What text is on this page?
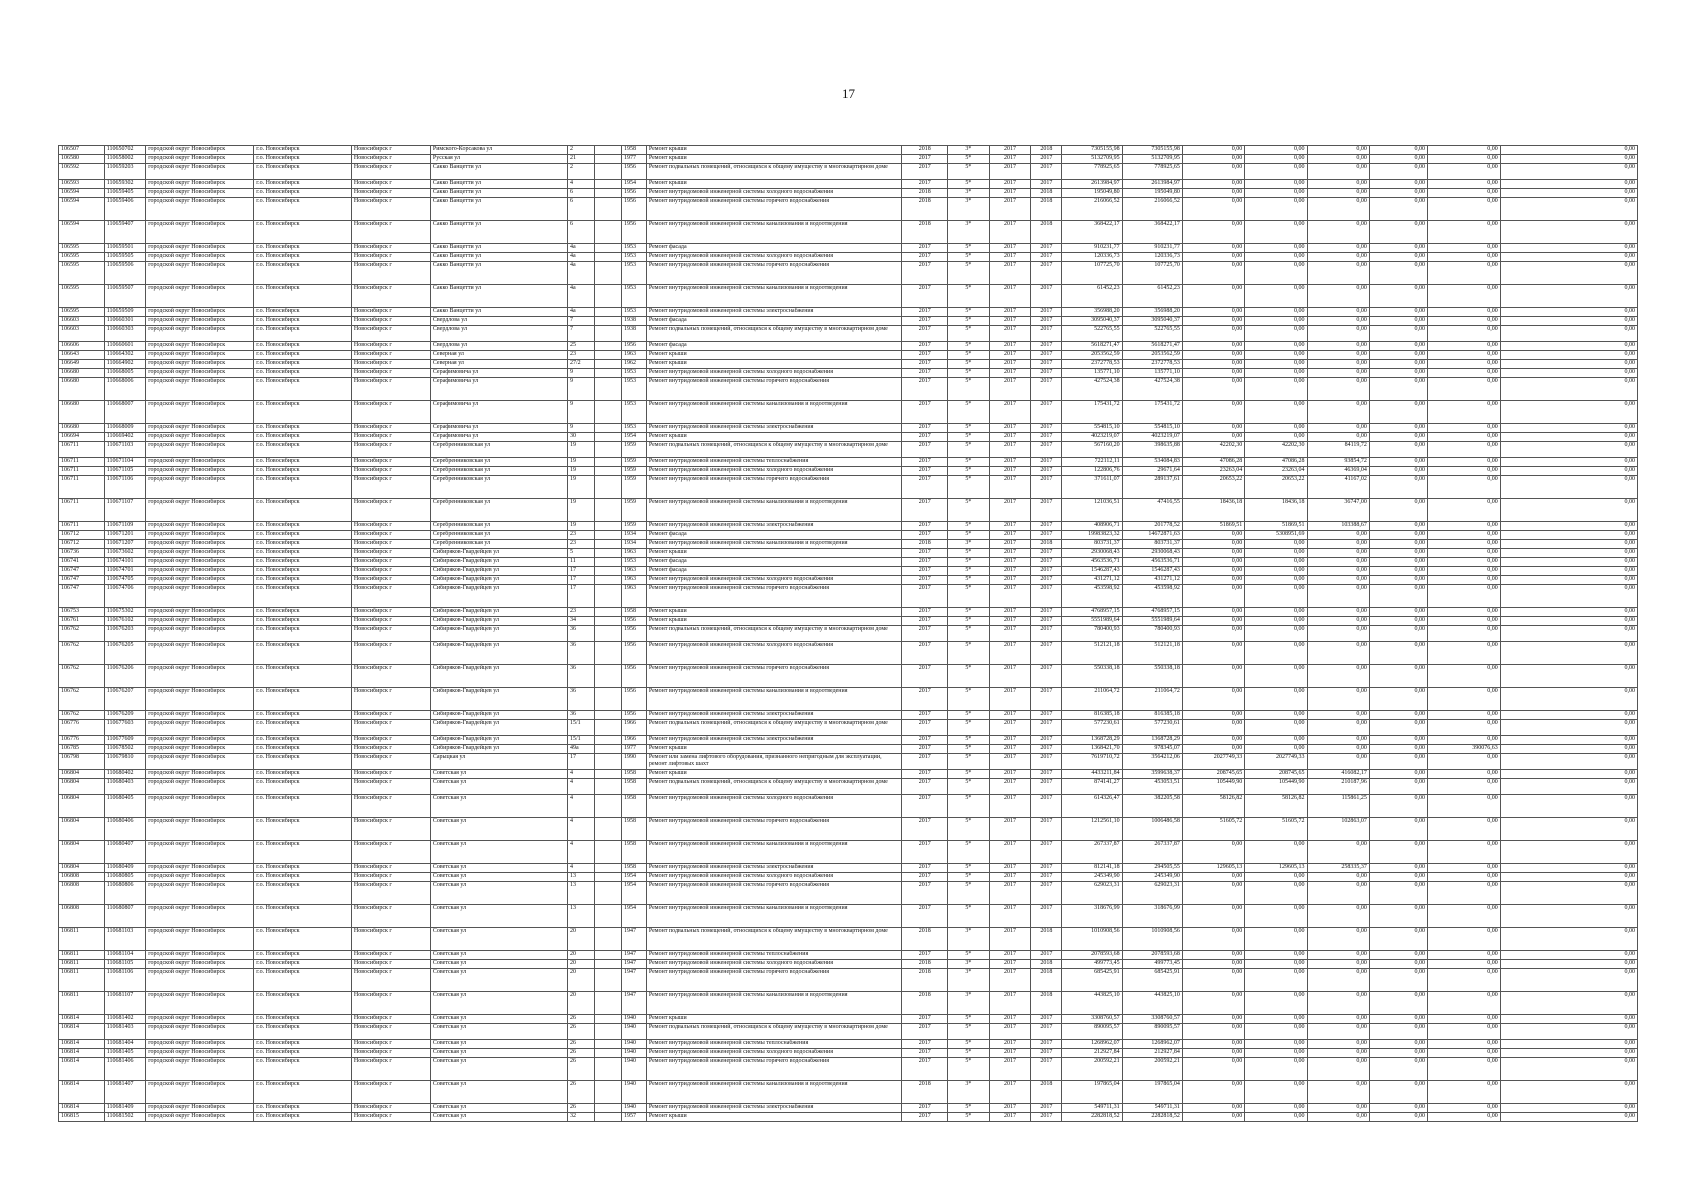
17
106507	110650702	городской округ Новосибирск	г.о. Новосибирск	Новосибирск г	Римского-Корсакова ул	2		1958	Ремонт крыши	2018	3*	2017	2018	7305155,98	7305155,98	0,00	0,00	0,00	0,00	0,00	0,00
106580	110658002	городской округ Новосибирск	г.о. Новосибирск	Новосибирск г	Русская ул	21		1977	Ремонт крыши	2017	5*	2017	2017	5132709,95	5132709,95	0,00	0,00	0,00	0,00	0,00	0,00
106592	110659203	городской округ Новосибирск	г.о. Новосибирск	Новосибирск г	Сакко Ванцетти ул	2		1956	Ремонт подвальных помещений, относящихся к общему имуществу в многоквартирном доме	2017	5*	2017	2017	778925,65	778925,65	0,00	0,00	0,00	0,00	0,00	0,00
106593	110659302	городской округ Новосибирск	г.о. Новосибирск	Новосибирск г	Сакко Ванцетти ул	4		1954	Ремонт крыши	2017	5*	2017	2017	2613984,97	2613984,97	0,00	0,00	0,00	0,00	0,00	0,00
106594	110659405	городской округ Новосибирск	г.о. Новосибирск	Новосибирск г	Сакко Ванцетти ул	6		1956	Ремонт внутридомовой инженерной системы холодного водоснабжения	2018	3*	2017	2018	195049,80	195049,80	0,00	0,00	0,00	0,00	0,00	0,00
106594	110659406	городской округ Новосибирск	г.о. Новосибирск	Новосибирск г	Сакко Ванцетти ул	6		1956	Ремонт внутридомовой инженерной системы горячего водоснабжения	2018	3*	2017	2018	216066,52	216066,52	0,00	0,00	0,00	0,00	0,00	0,00
106594	110659407	городской округ Новосибирск	г.о. Новосибирск	Новосибирск г	Сакко Ванцетти ул	6		1956	Ремонт внутридомовой инженерной системы канализования и водоотведения	2018	3*	2017	2018	368422,17	368422,17	0,00	0,00	0,00	0,00	0,00	0,00
106595	110659501	городской округ Новосибирск	г.о. Новосибирск	Новосибирск г	Сакко Ванцетти ул	4а		1953	Ремонт фасада	2017	5*	2017	2017	910231,77	910231,77	0,00	0,00	0,00	0,00	0,00	0,00
106595	110659505	городской округ Новосибирск	г.о. Новосибирск	Новосибирск г	Сакко Ванцетти ул	4а		1953	Ремонт внутридомовой инженерной системы холодного водоснабжения	2017	5*	2017	2017	120336,73	120336,73	0,00	0,00	0,00	0,00	0,00	0,00
106595	110659506	городской округ Новосибирск	г.о. Новосибирск	Новосибирск г	Сакко Ванцетти ул	4а		1953	Ремонт внутридомовой инженерной системы горячего водоснабжения	2017	5*	2017	2017	107725,70	107725,70	0,00	0,00	0,00	0,00	0,00	0,00
106595	110659507	городской округ Новосибирск	г.о. Новосибирск	Новосибирск г	Сакко Ванцетти ул	4а		1953	Ремонт внутридомовой инженерной системы канализования и водоотведения	2017	5*	2017	2017	61452,23	61452,23	0,00	0,00	0,00	0,00	0,00	0,00
106595	110659509	городской округ Новосибирск	г.о. Новосибирск	Новосибирск г	Сакко Ванцетти ул	4а		1953	Ремонт внутридомовой инженерной системы электроснабжения	2017	5*	2017	2017	356988,20	356988,20	0,00	0,00	0,00	0,00	0,00	0,00
106603	110660301	городской округ Новосибирск	г.о. Новосибирск	Новосибирск г	Свердлова ул	7		1938	Ремонт фасада	2017	5*	2017	2017	3095040,37	3095040,37	0,00	0,00	0,00	0,00	0,00	0,00
106603	110660303	городской округ Новосибирск	г.о. Новосибирск	Новосибирск г	Свердлова ул	7		1938	Ремонт подвальных помещений, относящихся к общему имуществу в многоквартирном доме	2017	5*	2017	2017	522765,55	522765,55	0,00	0,00	0,00	0,00	0,00	0,00
106606	110660601	городской округ Новосибирск	г.о. Новосибирск	Новосибирск г	Свердлова ул	25		1956	Ремонт фасада	2017	5*	2017	2017	5618271,47	5618271,47	0,00	0,00	0,00	0,00	0,00	0,00
106643	110664302	городской округ Новосибирск	г.о. Новосибирск	Новосибирск г	Северная ул	23		1963	Ремонт крыши	2017	5*	2017	2017	2053562,59	2053562,59	0,00	0,00	0,00	0,00	0,00	0,00
106649	110664902	городской округ Новосибирск	г.о. Новосибирск	Новосибирск г	Северная ул	27/2		1962	Ремонт крыши	2017	5*	2017	2017	2372778,53	2372778,53	0,00	0,00	0,00	0,00	0,00	0,00
106680	110668005	городской округ Новосибирск	г.о. Новосибирск	Новосибирск г	Серафимовича ул	9		1953	Ремонт внутридомовой инженерной системы холодного водоснабжения	2017	5*	2017	2017	135771,10	135771,10	0,00	0,00	0,00	0,00	0,00	0,00
106680	110668006	городской округ Новосибирск	г.о. Новосибирск	Новосибирск г	Серафимовича ул	9		1953	Ремонт внутридомовой инженерной системы горячего водоснабжения	2017	5*	2017	2017	427524,38	427524,38	0,00	0,00	0,00	0,00	0,00	0,00
106680	110668007	городской округ Новосибирск	г.о. Новосибирск	Новосибирск г	Серафимовича ул	9		1953	Ремонт внутридомовой инженерной системы канализования и водоотведения	2017	5*	2017	2017	175431,72	175431,72	0,00	0,00	0,00	0,00	0,00	0,00
106680	110668009	городской округ Новосибирск	г.о. Новосибирск	Новосибирск г	Серафимовича ул	9		1953	Ремонт внутридомовой инженерной системы электроснабжения	2017	5*	2017	2017	554815,10	554815,10	0,00	0,00	0,00	0,00	0,00	0,00
106694	110669402	городской округ Новосибирск	г.о. Новосибирск	Новосибирск г	Серафимовича ул	30		1954	Ремонт крыши	2017	5*	2017	2017	4023219,07	4023219,07	0,00	0,00	0,00	0,00	0,00	0,00
106711	110671103	городской округ Новосибирск	г.о. Новосибирск	Новосибирск г	Серебренниковская ул	19		1959	Ремонт подвальных помещений, относящихся к общему имуществу в многоквартирном доме	2017	5*	2017	2017	567160,20	398635,88	42202,30	42202,30	84119,72	0,00	0,00	0,00
106711	110671104	городской округ Новосибирск	г.о. Новосибирск	Новосибирск г	Серебренниковская ул	19		1959	Ремонт внутридомовой инженерной системы теплоснабжения	2017	5*	2017	2017	722112,11	534084,83	47086,28	47086,28	93854,72	0,00	0,00	0,00
106711	110671105	городской округ Новосибирск	г.о. Новосибирск	Новосибирск г	Серебренниковская ул	19		1959	Ремонт внутридомовой инженерной системы холодного водоснабжения	2017	5*	2017	2017	122806,76	29671,64	23263,04	23263,04	46369,04	0,00	0,00	0,00
106711	110671106	городской округ Новосибирск	г.о. Новосибирск	Новосибирск г	Серебренниковская ул	19		1959	Ремонт внутридомовой инженерной системы горячего водоснабжения	2017	5*	2017	2017	371611,07	289137,61	20653,22	20653,22	41167,02	0,00	0,00	0,00
106711	110671107	городской округ Новосибирск	г.о. Новосибирск	Новосибирск г	Серебренниковская ул	19		1959	Ремонт внутридомовой инженерной системы канализования и водоотведения	2017	5*	2017	2017	121036,51	47416,55	18436,18	18436,18	36747,00	0,00	0,00	0,00
106711	110671109	городской округ Новосибирск	г.о. Новосибирск	Новосибирск г	Серебренниковская ул	19		1959	Ремонт внутридомовой инженерной системы электроснабжения	2017	5*	2017	2017	408906,71	201778,52	51869,51	51869,51	103388,67	0,00	0,00	0,00
106712	110671201	городской округ Новосибирск	г.о. Новосибирск	Новосибирск г	Серебренниковская ул	23		1934	Ремонт фасада	2017	5*	2017	2017	19983823,32	14672871,63	0,00	5308951,69	0,00	0,00	0,00	0,00
106712	110671207	городской округ Новосибирск	г.о. Новосибирск	Новосибирск г	Серебренниковская ул	23		1934	Ремонт внутридомовой инженерной системы канализования и водоотведения	2018	3*	2017	2018	803731,37	803731,37	0,00	0,00	0,00	0,00	0,00	0,00
106736	110673602	городской округ Новосибирск	г.о. Новосибирск	Новосибирск г	Сибиряков-Гвардейцев ул	5		1963	Ремонт крыши	2017	5*	2017	2017	2930068,43	2930068,43	0,00	0,00	0,00	0,00	0,00	0,00
106741	110674101	городской округ Новосибирск	г.о. Новосибирск	Новосибирск г	Сибиряков-Гвардейцев ул	11		1953	Ремонт фасада	2017	5*	2017	2017	4563536,71	4563536,71	0,00	0,00	0,00	0,00	0,00	0,00
106747	110674701	городской округ Новосибирск	г.о. Новосибирск	Новосибирск г	Сибиряков-Гвардейцев ул	17		1963	Ремонт фасада	2017	5*	2017	2017	1546287,43	1546287,43	0,00	0,00	0,00	0,00	0,00	0,00
106747	110674705	городской округ Новосибирск	г.о. Новосибирск	Новосибирск г	Сибиряков-Гвардейцев ул	17		1963	Ремонт внутридомовой инженерной системы холодного водоснабжения	2017	5*	2017	2017	431271,12	431271,12	0,00	0,00	0,00	0,00	0,00	0,00
106747	110674706	городской округ Новосибирск	г.о. Новосибирск	Новосибирск г	Сибиряков-Гвардейцев ул	17		1963	Ремонт внутридомовой инженерной системы горячего водоснабжения	2017	5*	2017	2017	453598,92	453598,92	0,00	0,00	0,00	0,00	0,00	0,00
106753	110675302	городской округ Новосибирск	г.о. Новосибирск	Новосибирск г	Сибиряков-Гвардейцев ул	23		1958	Ремонт крыши	2017	5*	2017	2017	4768957,15	4768957,15	0,00	0,00	0,00	0,00	0,00	0,00
106761	110676102	городской округ Новосибирск	г.о. Новосибирск	Новосибирск г	Сибиряков-Гвардейцев ул	34		1956	Ремонт крыши	2017	5*	2017	2017	5551989,64	5551989,64	0,00	0,00	0,00	0,00	0,00	0,00
106762	110676203	городской округ Новосибирск	г.о. Новосибирск	Новосибирск г	Сибиряков-Гвардейцев ул	36		1956	Ремонт подвальных помещений, относящихся к общему имуществу в многоквартирном доме	2017	5*	2017	2017	780400,93	780400,93	0,00	0,00	0,00	0,00	0,00	0,00
106762	110676205	городской округ Новосибирск	г.о. Новосибирск	Новосибирск г	Сибиряков-Гвардейцев ул	36		1956	Ремонт внутридомовой инженерной системы холодного водоснабжения	2017	5*	2017	2017	512121,18	512121,18	0,00	0,00	0,00	0,00	0,00	0,00
106762	110676206	городской округ Новосибирск	г.о. Новосибирск	Новосибирск г	Сибиряков-Гвардейцев ул	36		1956	Ремонт внутридомовой инженерной системы горячего водоснабжения	2017	5*	2017	2017	550338,18	550338,18	0,00	0,00	0,00	0,00	0,00	0,00
106762	110676207	городской округ Новосибирск	г.о. Новосибирск	Новосибирск г	Сибиряков-Гвардейцев ул	36		1956	Ремонт внутридомовой инженерной системы канализования и водоотведения	2017	5*	2017	2017	211064,72	211064,72	0,00	0,00	0,00	0,00	0,00	0,00
106762	110676209	городской округ Новосибирск	г.о. Новосибирск	Новосибирск г	Сибиряков-Гвардейцев ул	36		1956	Ремонт внутридомовой инженерной системы электроснабжения	2017	5*	2017	2017	816385,18	816385,18	0,00	0,00	0,00	0,00	0,00	0,00
106776	110677603	городской округ Новосибирск	г.о. Новосибирск	Новосибирск г	Сибиряков-Гвардейцев ул	15/1		1966	Ремонт подвальных помещений, относящихся к общему имуществу в многоквартирном доме	2017	5*	2017	2017	577230,61	577230,61	0,00	0,00	0,00	0,00	0,00	0,00
106776	110677609	городской округ Новосибирск	г.о. Новосибирск	Новосибирск г	Сибиряков-Гвардейцев ул	15/1		1966	Ремонт внутридомовой инженерной системы электроснабжения	2017	5*	2017	2017	1368728,29	1368728,29	0,00	0,00	0,00	0,00	0,00	0,00
106785	110678502	городской округ Новосибирск	г.о. Новосибирск	Новосибирск г	Сибиряков-Гвардейцев ул	49а		1977	Ремонт крыши	2017	5*	2017	2017	1368421,70	978345,07	0,00	0,00	0,00	0,00	390076,63	0,00
106798	110679810	городской округ Новосибирск	г.о. Новосибирск	Новосибирск г	Сарыцкая ул	17		1990	Ремонт или замена лифтового оборудования, признанного непригодным для эксплуатации, ремонт лифтовых шахт	2017	5*	2017	2017	7619710,72	3564212,06	2027749,33	2027749,33	0,00	0,00	0,00	0,00
106804	110680402	городской округ Новосибирск	г.о. Новосибирск	Новосибирск г	Советская ул	4		1958	Ремонт крыши	2017	5*	2017	2017	4433211,84	3599638,37	208745,65	208745,65	416082,17	0,00	0,00	0,00
106804	110680403	городской округ Новосибирск	г.о. Новосибирск	Новосибирск г	Советская ул	4		1958	Ремонт подвальных помещений, относящихся к общему имуществу в многоквартирном доме	2017	5*	2017	2017	874141,27	453053,51	105449,90	105449,90	210187,96	0,00	0,00	0,00
106804	110680405	городской округ Новосибирск	г.о. Новосибирск	Новосибирск г	Советская ул	4		1958	Ремонт внутридомовой инженерной системы холодного водоснабжения	2017	5*	2017	2017	614326,47	382205,58	58126,82	58126,82	115861,25	0,00	0,00	0,00
106804	110680406	городской округ Новосибирск	г.о. Новосибирск	Новосибирск г	Советская ул	4		1958	Ремонт внутридомовой инженерной системы горячего водоснабжения	2017	5*	2017	2017	1212561,10	1006486,58	51605,72	51605,72	102863,07	0,00	0,00	0,00
106804	110680407	городской округ Новосибирск	г.о. Новосибирск	Новосибирск г	Советская ул	4		1958	Ремонт внутридомовой инженерной системы канализования и водоотведения	2017	5*	2017	2017	267337,87	267337,87	0,00	0,00	0,00	0,00	0,00	0,00
106804	110680409	городской округ Новосибирск	г.о. Новосибирск	Новосибирск г	Советская ул	4		1958	Ремонт внутридомовой инженерной системы электроснабжения	2017	5*	2017	2017	812141,18	294505,55	129605,13	129605,13	258335,37	0,00	0,00	0,00
106808	110680805	городской округ Новосибирск	г.о. Новосибирск	Новосибирск г	Советская ул	13		1954	Ремонт внутридомовой инженерной системы холодного водоснабжения	2017	5*	2017	2017	245349,90	245349,90	0,00	0,00	0,00	0,00	0,00	0,00
106808	110680806	городской округ Новосибирск	г.о. Новосибирск	Новосибирск г	Советская ул	13		1954	Ремонт внутридомовой инженерной системы горячего водоснабжения	2017	5*	2017	2017	629023,31	629023,31	0,00	0,00	0,00	0,00	0,00	0,00
106808	110680807	городской округ Новосибирск	г.о. Новосибирск	Новосибирск г	Советская ул	13		1954	Ремонт внутридомовой инженерной системы канализования и водоотведения	2017	5*	2017	2017	318676,99	318676,99	0,00	0,00	0,00	0,00	0,00	0,00
106811	110681103	городской округ Новосибирск	г.о. Новосибирск	Новосибирск г	Советская ул	20		1947	Ремонт подвальных помещений, относящихся к общему имуществу в многоквартирном доме	2018	3*	2017	2018	1010908,56	1010908,56	0,00	0,00	0,00	0,00	0,00	0,00
106811	110681104	городской округ Новосибирск	г.о. Новосибирск	Новосибирск г	Советская ул	20		1947	Ремонт внутридомовой инженерной системы теплоснабжения	2017	5*	2017	2017	2078593,68	2078593,68	0,00	0,00	0,00	0,00	0,00	0,00
106811	110681105	городской округ Новосибирск	г.о. Новосибирск	Новосибирск г	Советская ул	20		1947	Ремонт внутридомовой инженерной системы холодного водоснабжения	2018	3*	2017	2018	499773,45	499773,45	0,00	0,00	0,00	0,00	0,00	0,00
106811	110681106	городской округ Новосибирск	г.о. Новосибирск	Новосибирск г	Советская ул	20		1947	Ремонт внутридомовой инженерной системы горячего водоснабжения	2018	3*	2017	2018	685425,91	685425,91	0,00	0,00	0,00	0,00	0,00	0,00
106811	110681107	городской округ Новосибирск	г.о. Новосибирск	Новосибирск г	Советская ул	20		1947	Ремонт внутридомовой инженерной системы канализования и водоотведения	2018	3*	2017	2018	443825,10	443825,10	0,00	0,00	0,00	0,00	0,00	0,00
106814	110681402	городской округ Новосибирск	г.о. Новосибирск	Новосибирск г	Советская ул	26		1940	Ремонт крыши	2017	5*	2017	2017	3308760,57	3308760,57	0,00	0,00	0,00	0,00	0,00	0,00
106814	110681403	городской округ Новосибирск	г.о. Новосибирск	Новосибирск г	Советская ул	26		1940	Ремонт подвальных помещений, относящихся к общему имуществу в многоквартирном доме	2017	5*	2017	2017	890095,57	890095,57	0,00	0,00	0,00	0,00	0,00	0,00
106814	110681404	городской округ Новосибирск	г.о. Новосибирск	Новосибирск г	Советская ул	26		1940	Ремонт внутридомовой инженерной системы теплоснабжения	2017	5*	2017	2017	1268962,07	1268962,07	0,00	0,00	0,00	0,00	0,00	0,00
106814	110681405	городской округ Новосибирск	г.о. Новосибирск	Новосибирск г	Советская ул	26		1940	Ремонт внутридомовой инженерной системы холодного водоснабжения	2017	5*	2017	2017	212927,84	212927,84	0,00	0,00	0,00	0,00	0,00	0,00
106814	110681406	городской округ Новосибирск	г.о. Новосибирск	Новосибирск г	Советская ул	26		1940	Ремонт внутридомовой инженерной системы горячего водоснабжения	2017	5*	2017	2017	200592,21	200592,21	0,00	0,00	0,00	0,00	0,00	0,00
106814	110681407	городской округ Новосибирск	г.о. Новосибирск	Новосибирск г	Советская ул	26		1940	Ремонт внутридомовой инженерной системы канализования и водоотведения	2018	3*	2017	2018	197865,04	197865,04	0,00	0,00	0,00	0,00	0,00	0,00
106814	110681409	городской округ Новосибирск	г.о. Новосибирск	Новосибирск г	Советская ул	26		1940	Ремонт внутридомовой инженерной системы электроснабжения	2017	5*	2017	2017	549711,31	549711,31	0,00	0,00	0,00	0,00	0,00	0,00
106815	110681502	городской округ Новосибирск	г.о. Новосибирск	Новосибирск г	Советская ул	32		1957	Ремонт крыши	2017	5*	2017	2017	2282818,52	2282818,52	0,00	0,00	0,00	0,00	0,00	0,00
